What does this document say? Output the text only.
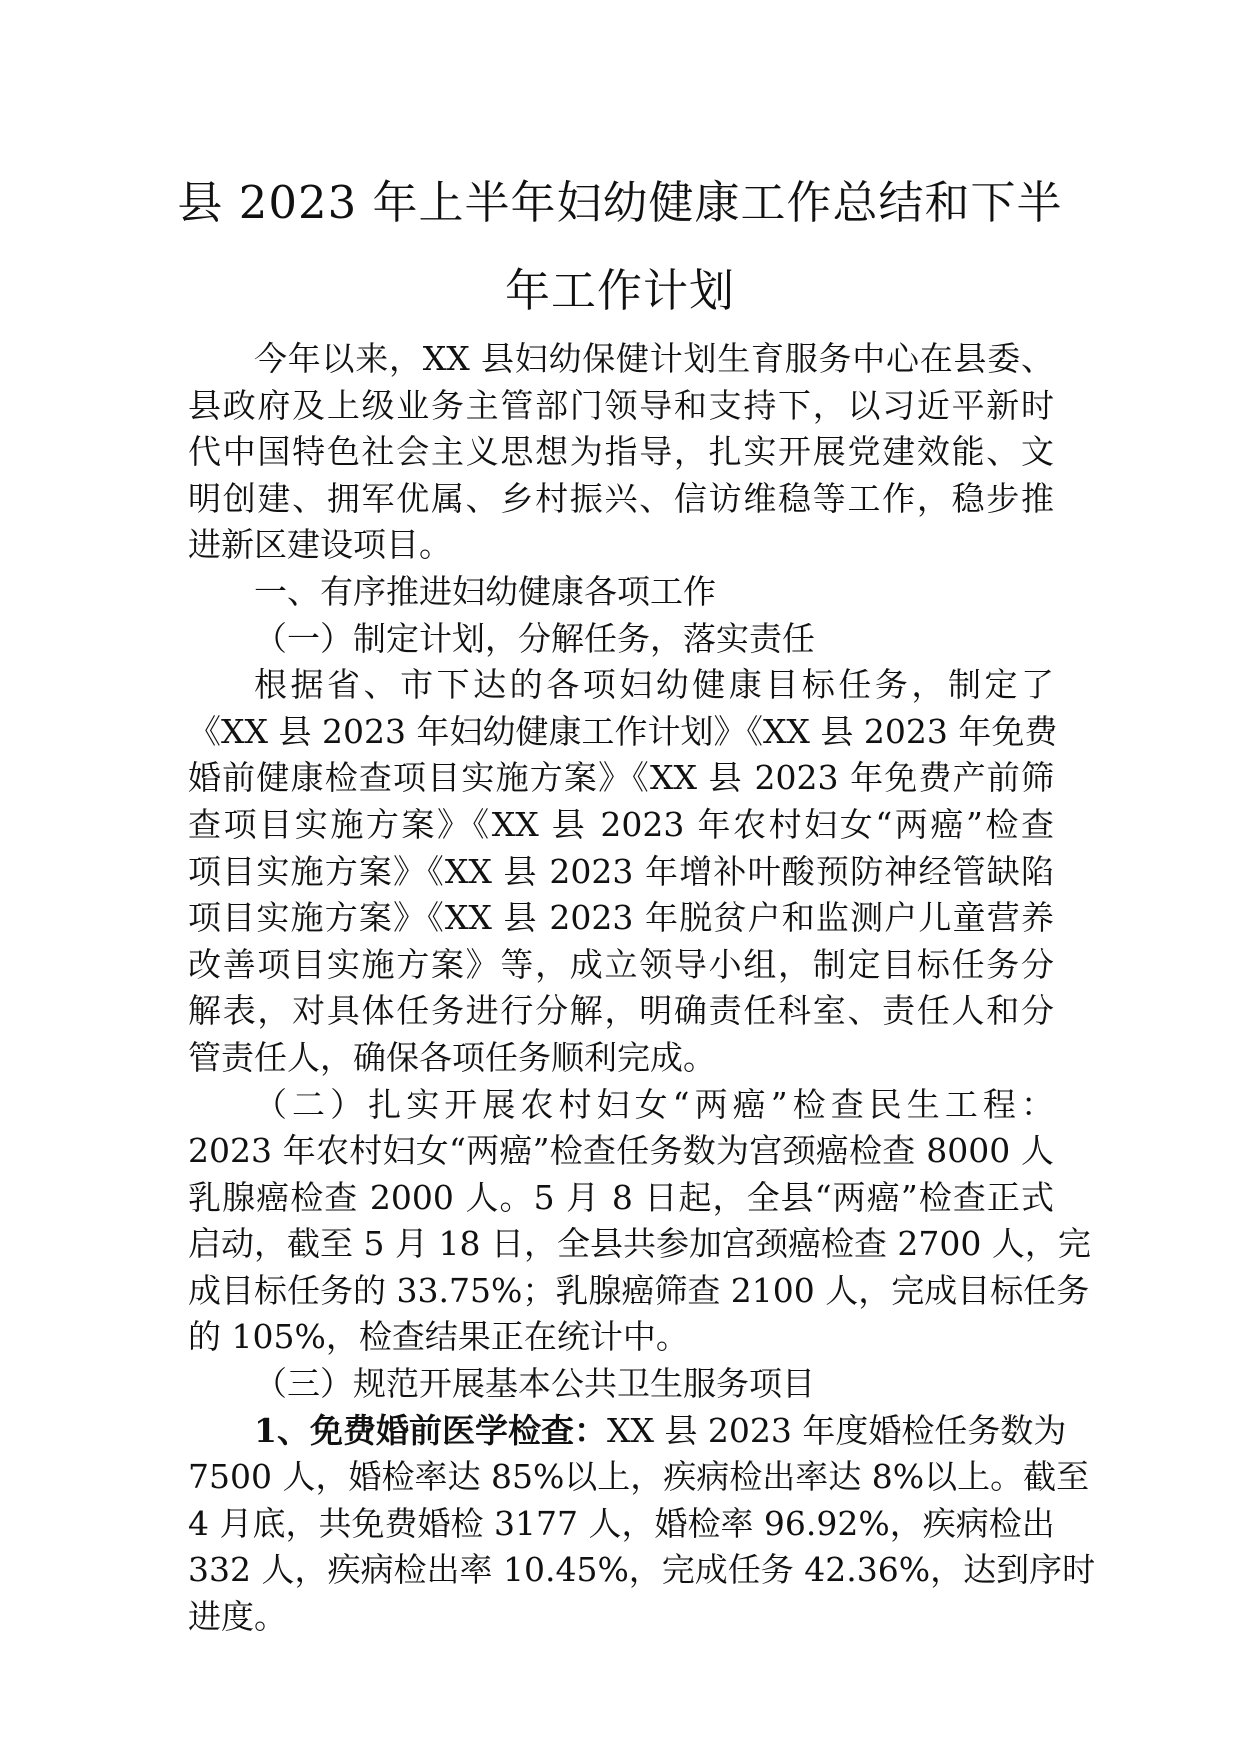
县 2023 年上半年妇幼健康工作总结和下半
年工作计划
今年以来，XX 县妇幼保健计划生育服务中心在县委、
县政府及上级业务主管部门领导和支持下，以习近平新时
代中国特色社会主义思想为指导，扎实开展党建效能、文
明创建、拥军优属、乡村振兴、信访维稳等工作，稳步推
进新区建设项目。
一、有序推进妇幼健康各项工作
（一）制定计划，分解任务，落实责任
根据省、市下达的各项妇幼健康目标任务，制定了
《XX 县 2023 年妇幼健康工作计划》《XX 县 2023 年免费
婚前健康检查项目实施方案》《XX 县 2023 年免费产前筛
查项目实施方案》《XX 县 2023 年农村妇女“两癌”检查
项目实施方案》《XX 县 2023 年增补叶酸预防神经管缺陷
项目实施方案》《XX 县 2023 年脱贫户和监测户儿童营养
改善项目实施方案》等，成立领导小组，制定目标任务分
解表，对具体任务进行分解，明确责任科室、责任人和分
管责任人，确保各项任务顺利完成。
（二）扎实开展农村妇女“两癌”检查民生工程：
2023 年农村妇女“两癌”检查任务数为宫颈癌检查 8000 人
乳腺癌检查 2000 人。5 月 8 日起，全县“两癌”检查正式
启动，截至 5 月 18 日，全县共参加宫颈癌检查 2700 人，完
成目标任务的 33.75%；乳腺癌筛查 2100 人，完成目标任务
的 105%，检查结果正在统计中。
（三）规范开展基本公共卫生服务项目
1、免费婚前医学检查：XX 县 2023 年度婚检任务数为
7500 人，婚检率达 85%以上，疾病检出率达 8%以上。截至
4 月底，共免费婚检 3177 人，婚检率 96.92%，疾病检出
332 人，疾病检出率 10.45%，完成任务 42.36%，达到序时
进度。
